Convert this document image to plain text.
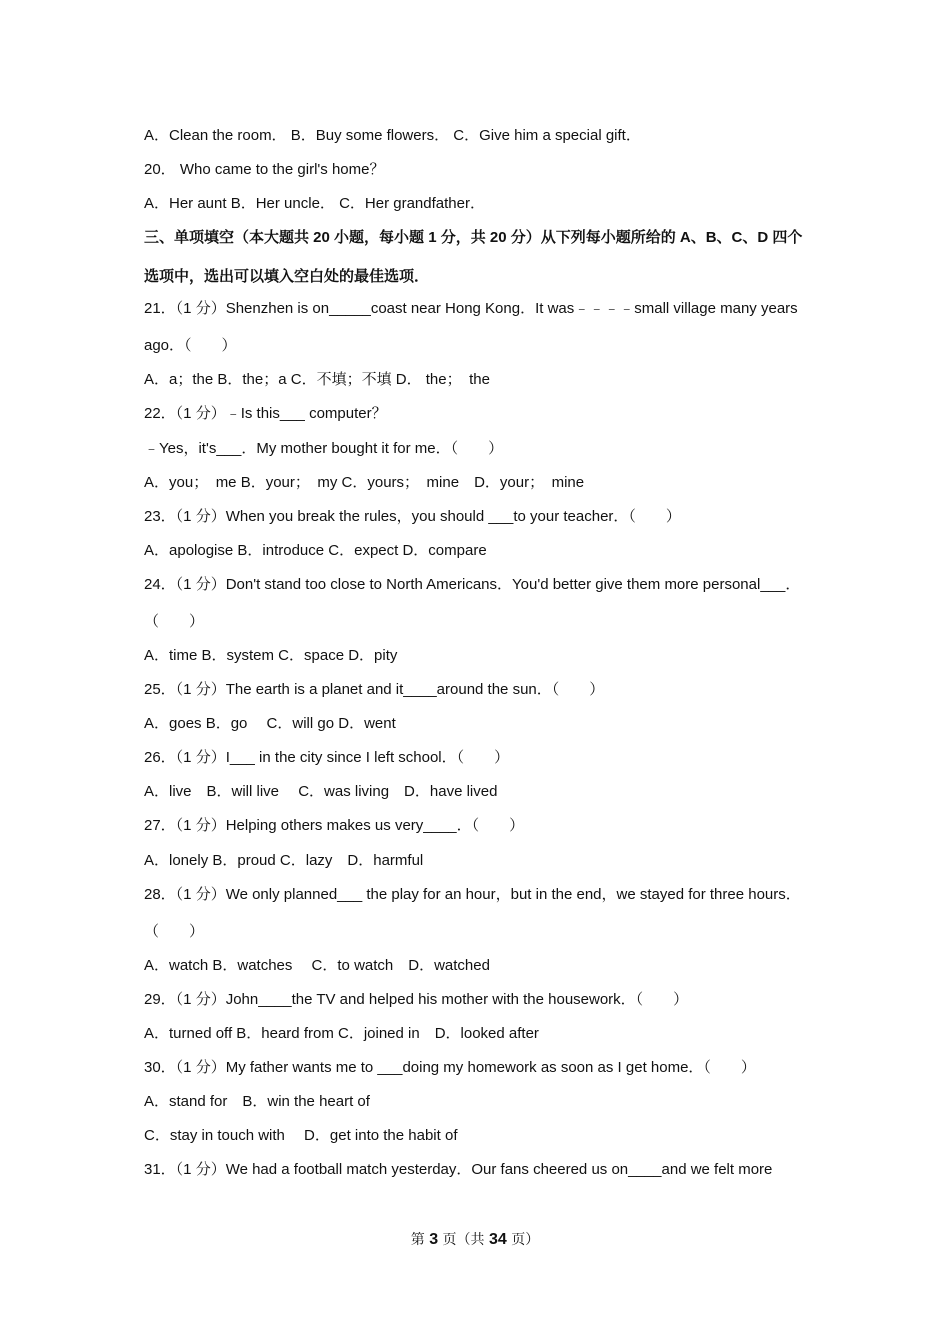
A．Clean the room． B．Buy some flowers． C．Give him a special gift．
20． Who came to the girl's home？
A．Her aunt B．Her uncle． C．Her grandfather．
三、单项填空（本大题共 20 小题，每小题 1 分，共 20 分）从下列每小题所给的 A、B、C、D 四个
选项中，选出可以填入空白处的最佳选项．
21．（1 分）Shenzhen is on_____coast near Hong Kong．It was﹣﹣﹣﹣small village many years
ago．（　　）
A．a；the B．the；a C．不填；不填 D． the；　the
22．（1 分）﹣Is this___ computer？
﹣Yes，it's___．My mother bought it for me．（　　）
A．you；　me B．your；　my C．yours；　mine　D．your；　mine
23．（1 分）When you break the rules，you should ___to your teacher．（　　）
A．apologise B．introduce C．expect D．compare
24．（1 分）Don't stand too close to North Americans．You'd better give them more personal___．
（　　）
A．time B．system C．space D．pity
25．（1 分）The earth is a planet and it____around the sun．（　　）
A．goes B．go　 C．will go D．went
26．（1 分）I___ in the city since I left school．（　　）
A．live　B．will live　 C．was living　D．have lived
27．（1 分）Helping others makes us very____．（　　）
A．lonely B．proud C．lazy　D．harmful
28．（1 分）We only planned___ the play for an hour，but in the end，we stayed for three hours．
（　　）
A．watch B．watches　 C．to watch　D．watched
29．（1 分）John____the TV and helped his mother with the housework．（　　）
A．turned off B．heard from C．joined in　D．looked after
30．（1 分）My father wants me to ___doing my homework as soon as I get home．（　　）
A．stand for　B．win the heart of
C．stay in touch with　 D．get into the habit of
31．（1 分）We had a football match yesterday．Our fans cheered us on____and we felt more
第 3 页（共 34 页）
